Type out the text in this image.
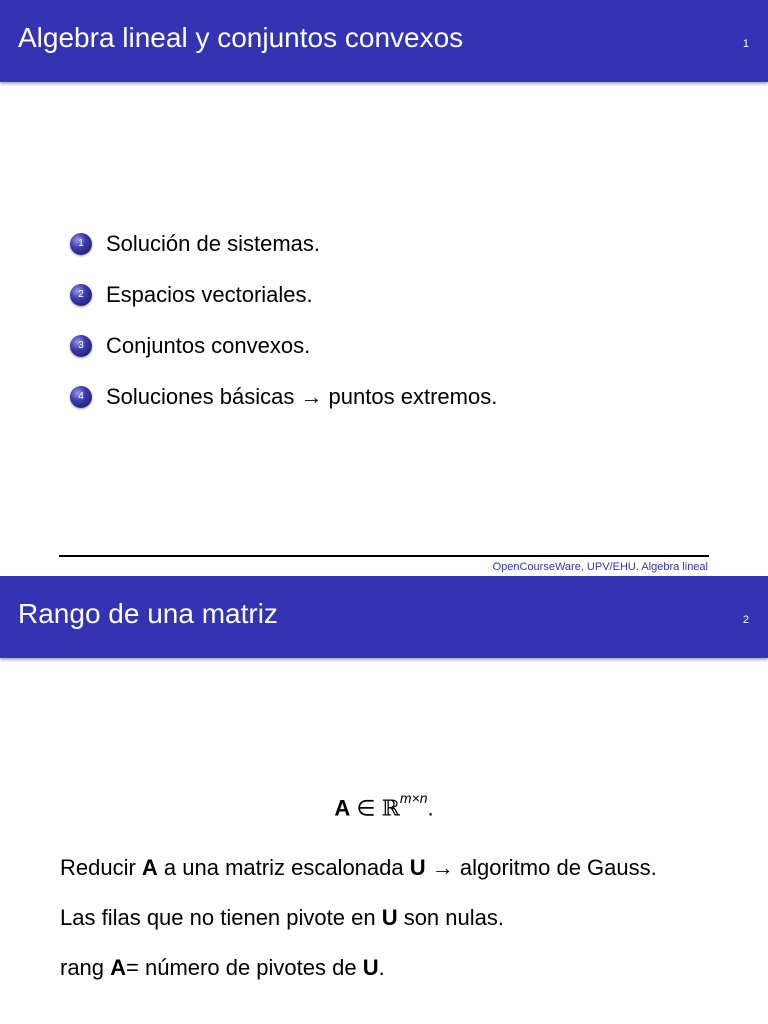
Algebra lineal y conjuntos convexos	1
1	Solución de sistemas.
2	Espacios vectoriales.
3	Conjuntos convexos.
4	Soluciones básicas → puntos extremos.
OpenCourseWare, UPV/EHU. Algebra lineal
Rango de una matriz	2
A ∈ ℝ$^{m\times n}$.

Reducir A a una matriz escalonada U → algoritmo de Gauss.

Las filas que no tienen pivote en U son nulas.

rang A= número de pivotes de U.
